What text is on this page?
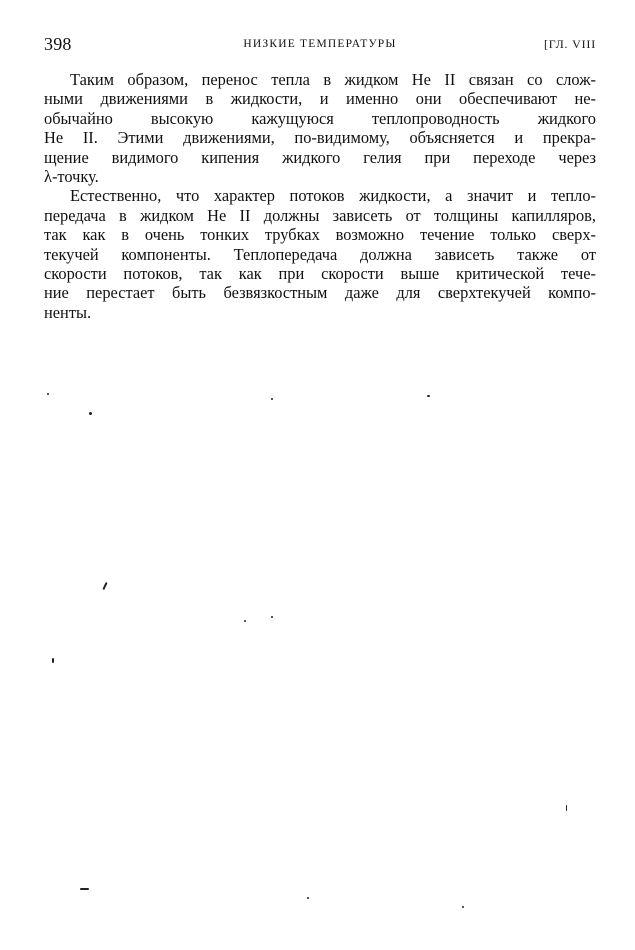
398	НИЗКИЕ ТЕМПЕРАТУРЫ	[ГЛ. VIII
Таким образом, перенос тепла в жидком Не II связан со слож-
ными движениями в жидкости, и именно они обеспечивают не-
обычайно высокую кажущуюся теплопроводность жидкого
Не II. Этими движениями, по-видимому, объясняется и прекра-
щение видимого кипения жидкого гелия при переходе через
λ-точку.
Естественно, что характер потоков жидкости, а значит и тепло-
передача в жидком Не II должны зависеть от толщины капилляров,
так как в очень тонких трубках возможно течение только сверх-
текучей компоненты. Теплопередача должна зависеть также от
скорости потоков, так как при скорости выше критической тече-
ние перестает быть безвязкостным даже для сверхтекучей компо-
ненты.
